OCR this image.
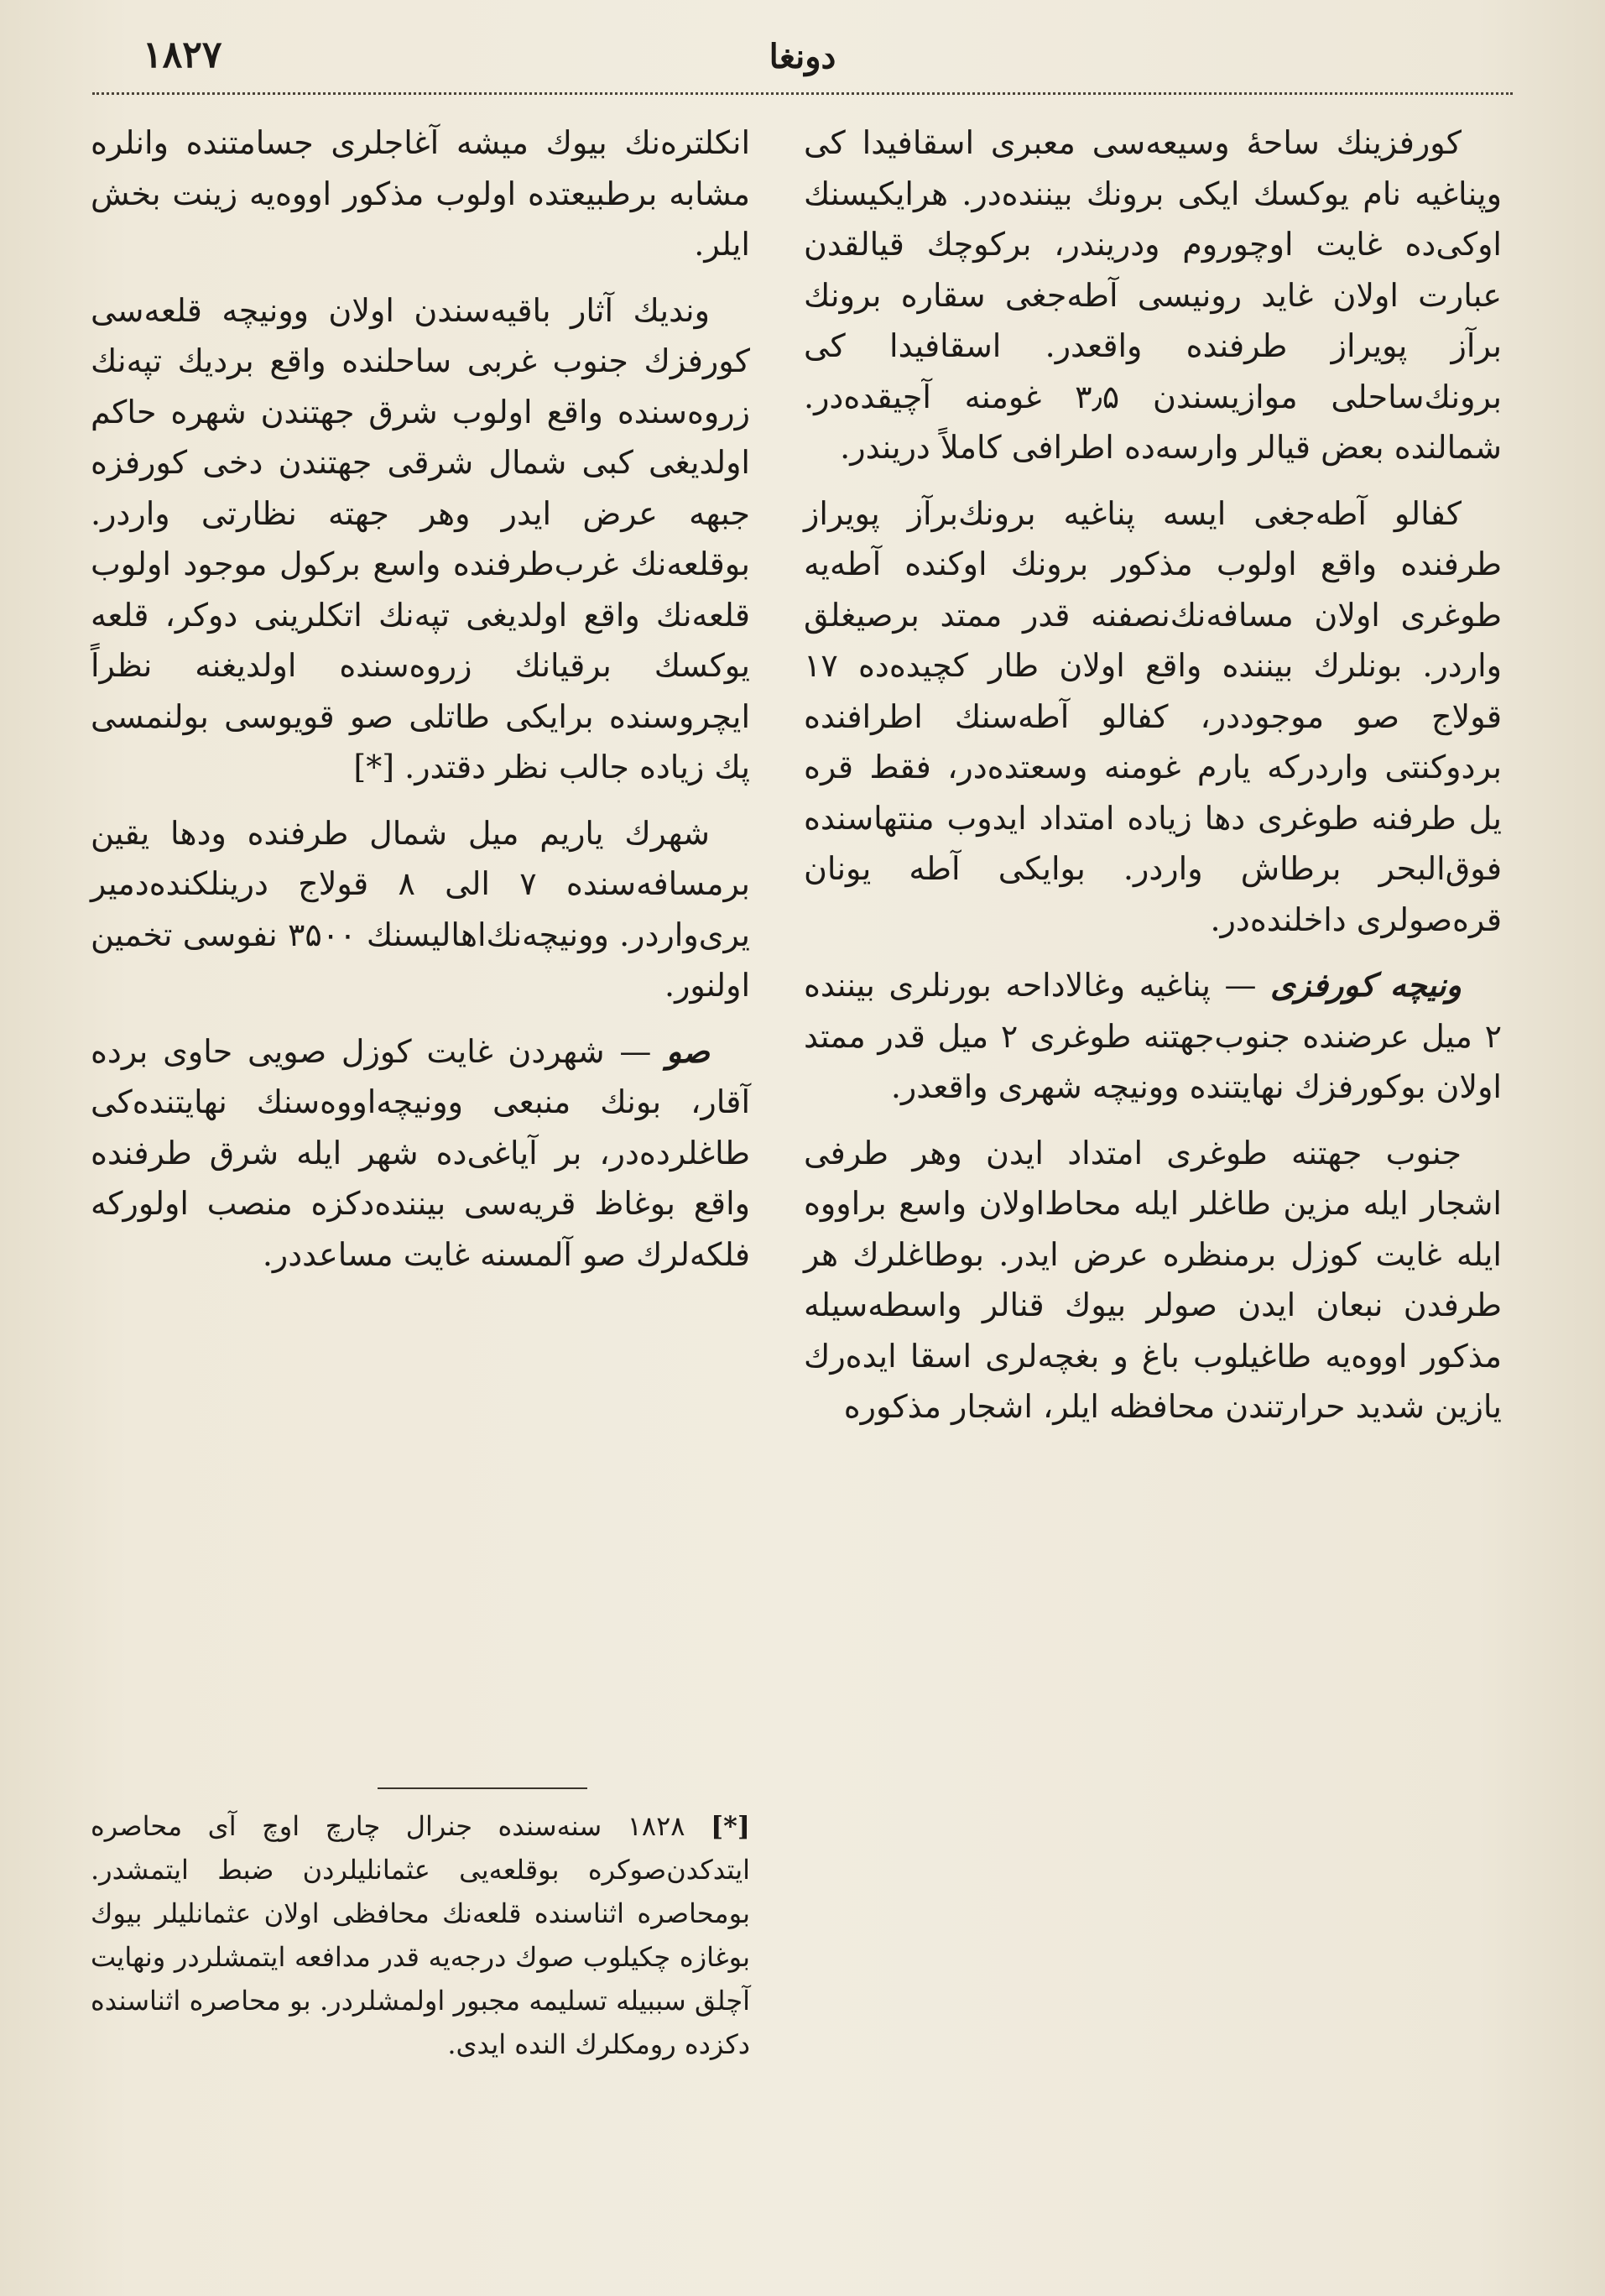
۱۸۲۷	دونغا

کورفزینك ساحۀ وسیعه‌سی معبری اسقافیدا کی وپناغیه نام یوکسك ایکی برونك بیننده‌در. هرایکیسنك اوکی‌ده غایت اوچوروم ودریندر، برکوچك قیالقدن عبارت اولان غاید رونیسی آطه‌جغی سقاره برونك برآز پویراز طرفنده واقعدر. اسقافیدا کی برونك‌ساحلی موازیسندن ۳٫۵ غومنه آچیقده‌در. شمالنده بعض قیالر وارسه‌ده اطرافی کاملاً دریندر.

کفالو آطه‌جغی ایسه پناغیه برونك‌برآز پویراز طرفنده واقع اولوب مذکور برونك اوکنده آطه‌یه طوغری اولان مسافه‌نك‌نصفنه قدر ممتد برصیغلق واردر. بونلرك بیننده واقع اولان طار کچیده‌ده ۱۷ قولاج صو موجوددر، کفالو آطه‌سنك اطرافنده بردوکنتی واردرکه یارم غومنه وسعتده‌در، فقط قره یل طرفنه طوغری دها زیاده امتداد ایدوب منتهاسنده فوق‌البحر برطاش واردر. بوایکی آطه یونان قره‌صولری داخلنده‌در.

ونیچه کورفزی — پناغیه وغالاداحه بورنلری بیننده ۲ میل عرضنده جنوب‌جهتنه طوغری ۲ میل قدر ممتد اولان بوکورفزك نهایتنده وونیچه شهری واقعدر.

جنوب جهتنه طوغری امتداد ایدن وهر طرفی اشجار ایله مزین طاغلر ایله محاط‌اولان واسع براووه ایله غایت کوزل برمنظره عرض ایدر. بوطاغلرك هر طرفدن نبعان ایدن صولر بیوك قنالر واسطه‌سیله مذکور اووه‌یه طاغیلوب باغ و بغچه‌لری اسقا ایده‌رك یازین شدید حرارتندن محافظه ایلر، اشجار مذکوره

انکلتره‌نك بیوك میشه آغاجلری جسامتنده وانلره مشابه برطبیعتده اولوب مذکور اووه‌یه زینت بخش ایلر.

ونديك آثار باقیه‌سندن اولان وونیچه قلعه‌سی کورفزك جنوب غربی ساحلنده واقع بردیك تپه‌نك زروه‌سنده واقع اولوب شرق جهتندن شهره حاکم اولدیغی کبی شمال شرقی جهتندن دخی کورفزه جبهه عرض ایدر وهر جهته نظارتی واردر. بوقلعه‌نك غرب‌طرفنده واسع برکول موجود اولوب قلعه‌نك واقع اولدیغی تپه‌نك اتکلرینی دوکر، قلعه یوکسك برقیانك زروه‌سنده اولدیغنه نظراً ایچروسنده برایکی طاتلی صو قویوسی بولنمسی پك زیاده جالب نظر دقتدر. [*]

شهرك یاریم میل شمال طرفنده ودها یقین برمسافه‌سنده ۷ الی ۸ قولاج درینلکنده‌دمیر یری‌واردر. وونیچه‌نك‌اهالیسنك ۳۵۰۰ نفوسی تخمین اولنور.

صو — شهردن غایت کوزل صویی حاوی برده آقار، بونك منبعی وونیچه‌اووه‌سنك نهایتنده‌کی طاغلرده‌در، بر آیاغی‌ده شهر ایله شرق طرفنده واقع بوغاظ قریه‌سی بیننده‌دکزه منصب اولورکه فلکه‌لرك صو آلمسنه غایت مساعددر.

[*] ۱۸۲۸ سنه‌سنده جنرال چارچ اوچ آی محاصره ایتدکدن‌صوکره بوقلعه‌یی عثمانلیلردن ضبط ایتمشدر. بومحاصره اثناسنده قلعه‌نك محافظی اولان عثمانلیلر بیوك بوغازه چکیلوب صوك درجه‌یه قدر مدافعه ایتمشلردر ونهایت آچلق سببیله تسلیمه مجبور اولمشلردر. بو محاصره اثناسنده دکزده رومكلرك النده ایدی.
